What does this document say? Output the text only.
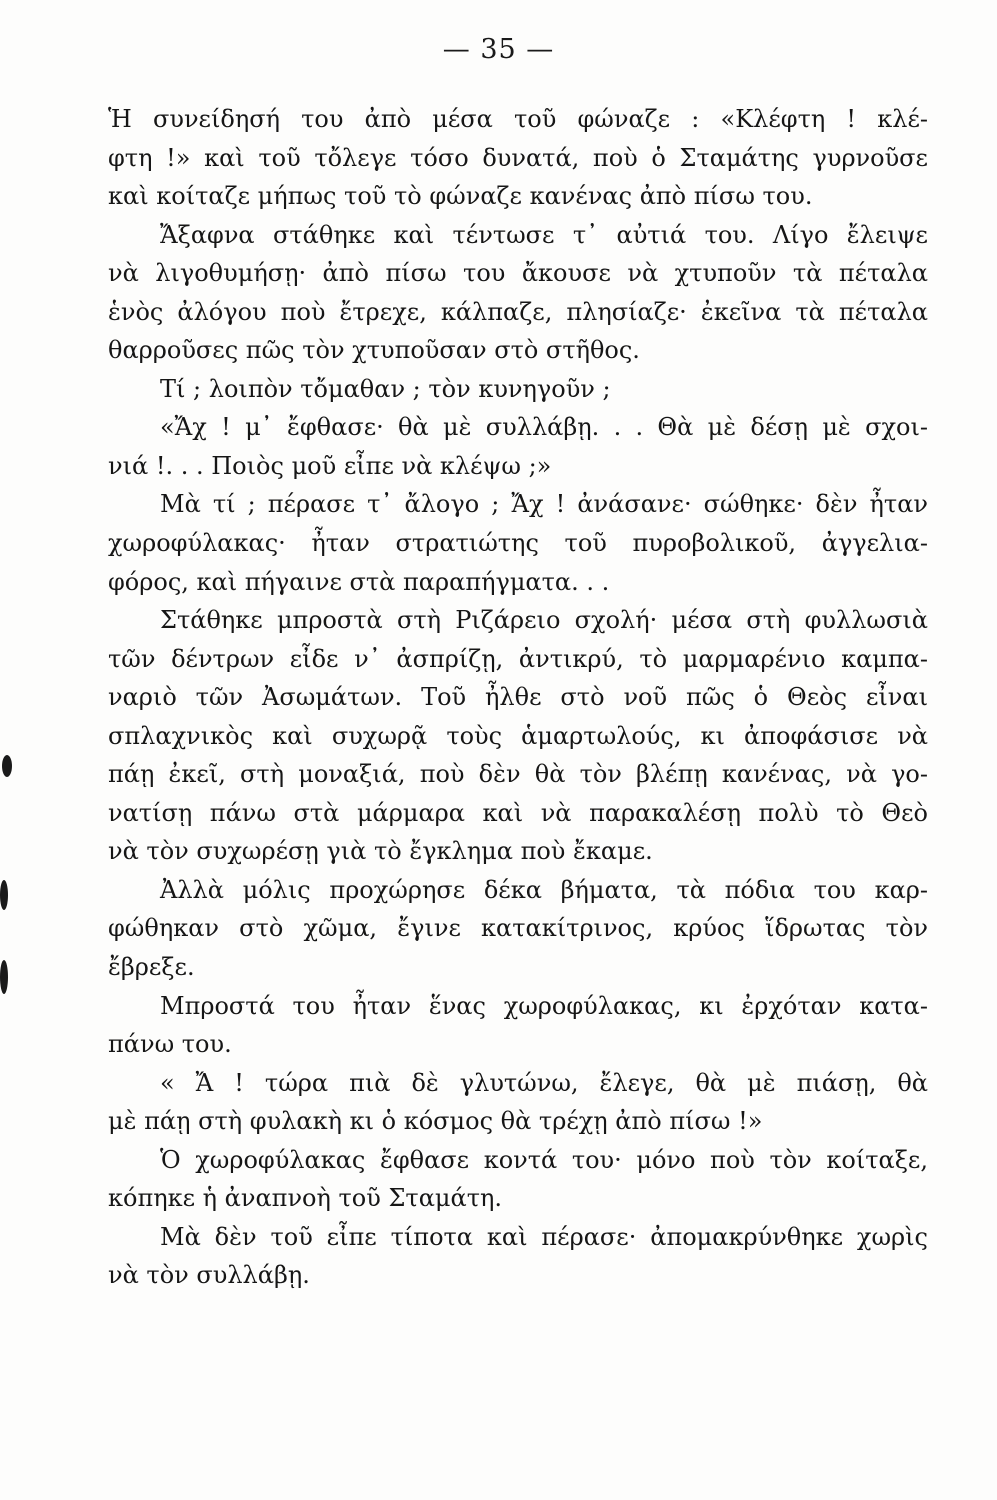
— 35 —
Ἡ συνείδησή του ἀπὸ μέσα τοῦ φώναζε : «Κλέφτη ! κλέ-
φτη !» καὶ τοῦ τὄλεγε τόσο δυνατά, ποὺ ὁ Σταμάτης γυρνοῦσε
καὶ κοίταζε μήπως τοῦ τὸ φώναζε κανένας ἀπὸ πίσω του.
Ἄξαφνα στάθηκε καὶ τέντωσε τ᾽ αὐτιά του. Λίγο ἔλειψε
νὰ λιγοθυμήσῃ· ἀπὸ πίσω του ἄκουσε νὰ χτυποῦν τὰ πέταλα
ἑνὸς ἀλόγου ποὺ ἔτρεχε, κάλπαζε, πλησίαζε· ἐκεῖνα τὰ πέταλα
θαρροῦσες πῶς τὸν χτυποῦσαν στὸ στῆθος.
Τί ; λοιπὸν τὄμαθαν ; τὸν κυνηγοῦν ;
«Ἄχ ! μ᾽ ἔφθασε· θὰ μὲ συλλάβῃ. . . Θὰ μὲ δέσῃ μὲ σχοι-
νιά !. . . Ποιὸς μοῦ εἶπε νὰ κλέψω ;»
Μὰ τί ; πέρασε τ᾽ ἄλογο ; Ἄχ ! ἀνάσανε· σώθηκε· δὲν ἦταν
χωροφύλακας· ἦταν στρατιώτης τοῦ πυροβολικοῦ, ἀγγελια-
φόρος, καὶ πήγαινε στὰ παραπήγματα. . .
Στάθηκε μπροστὰ στὴ Ριζάρειο σχολή· μέσα στὴ φυλλωσιὰ
τῶν δέντρων εἶδε ν᾽ ἀσπρίζῃ, ἀντικρύ, τὸ μαρμαρένιο καμπα-
ναριὸ τῶν Ἀσωμάτων. Τοῦ ἦλθε στὸ νοῦ πῶς ὁ Θεὸς εἶναι
σπλαχνικὸς καὶ συχωρᾷ τοὺς ἁμαρτωλούς, κι ἀποφάσισε νὰ
πάῃ ἐκεῖ, στὴ μοναξιά, ποὺ δὲν θὰ τὸν βλέπῃ κανένας, νὰ γο-
νατίσῃ πάνω στὰ μάρμαρα καὶ νὰ παρακαλέσῃ πολὺ τὸ Θεὸ
νὰ τὸν συχωρέσῃ γιὰ τὸ ἔγκλημα ποὺ ἔκαμε.
Ἀλλὰ μόλις προχώρησε δέκα βήματα, τὰ πόδια του καρ-
φώθηκαν στὸ χῶμα, ἔγινε κατακίτρινος, κρύος ἵδρωτας τὸν
ἔβρεξε.
Μπροστά του ἦταν ἕνας χωροφύλακας, κι ἐρχόταν κατα-
πάνω του.
« Ἄ ! τώρα πιὰ δὲ γλυτώνω, ἔλεγε, θὰ μὲ πιάσῃ, θὰ
μὲ πάῃ στὴ φυλακὴ κι ὁ κόσμος θὰ τρέχῃ ἀπὸ πίσω !»
Ὁ χωροφύλακας ἔφθασε κοντά του· μόνο ποὺ τὸν κοίταξε,
κόπηκε ἡ ἀναπνοὴ τοῦ Σταμάτη.
Μὰ δὲν τοῦ εἶπε τίποτα καὶ πέρασε· ἀπομακρύνθηκε χωρὶς
νὰ τὸν συλλάβῃ.
